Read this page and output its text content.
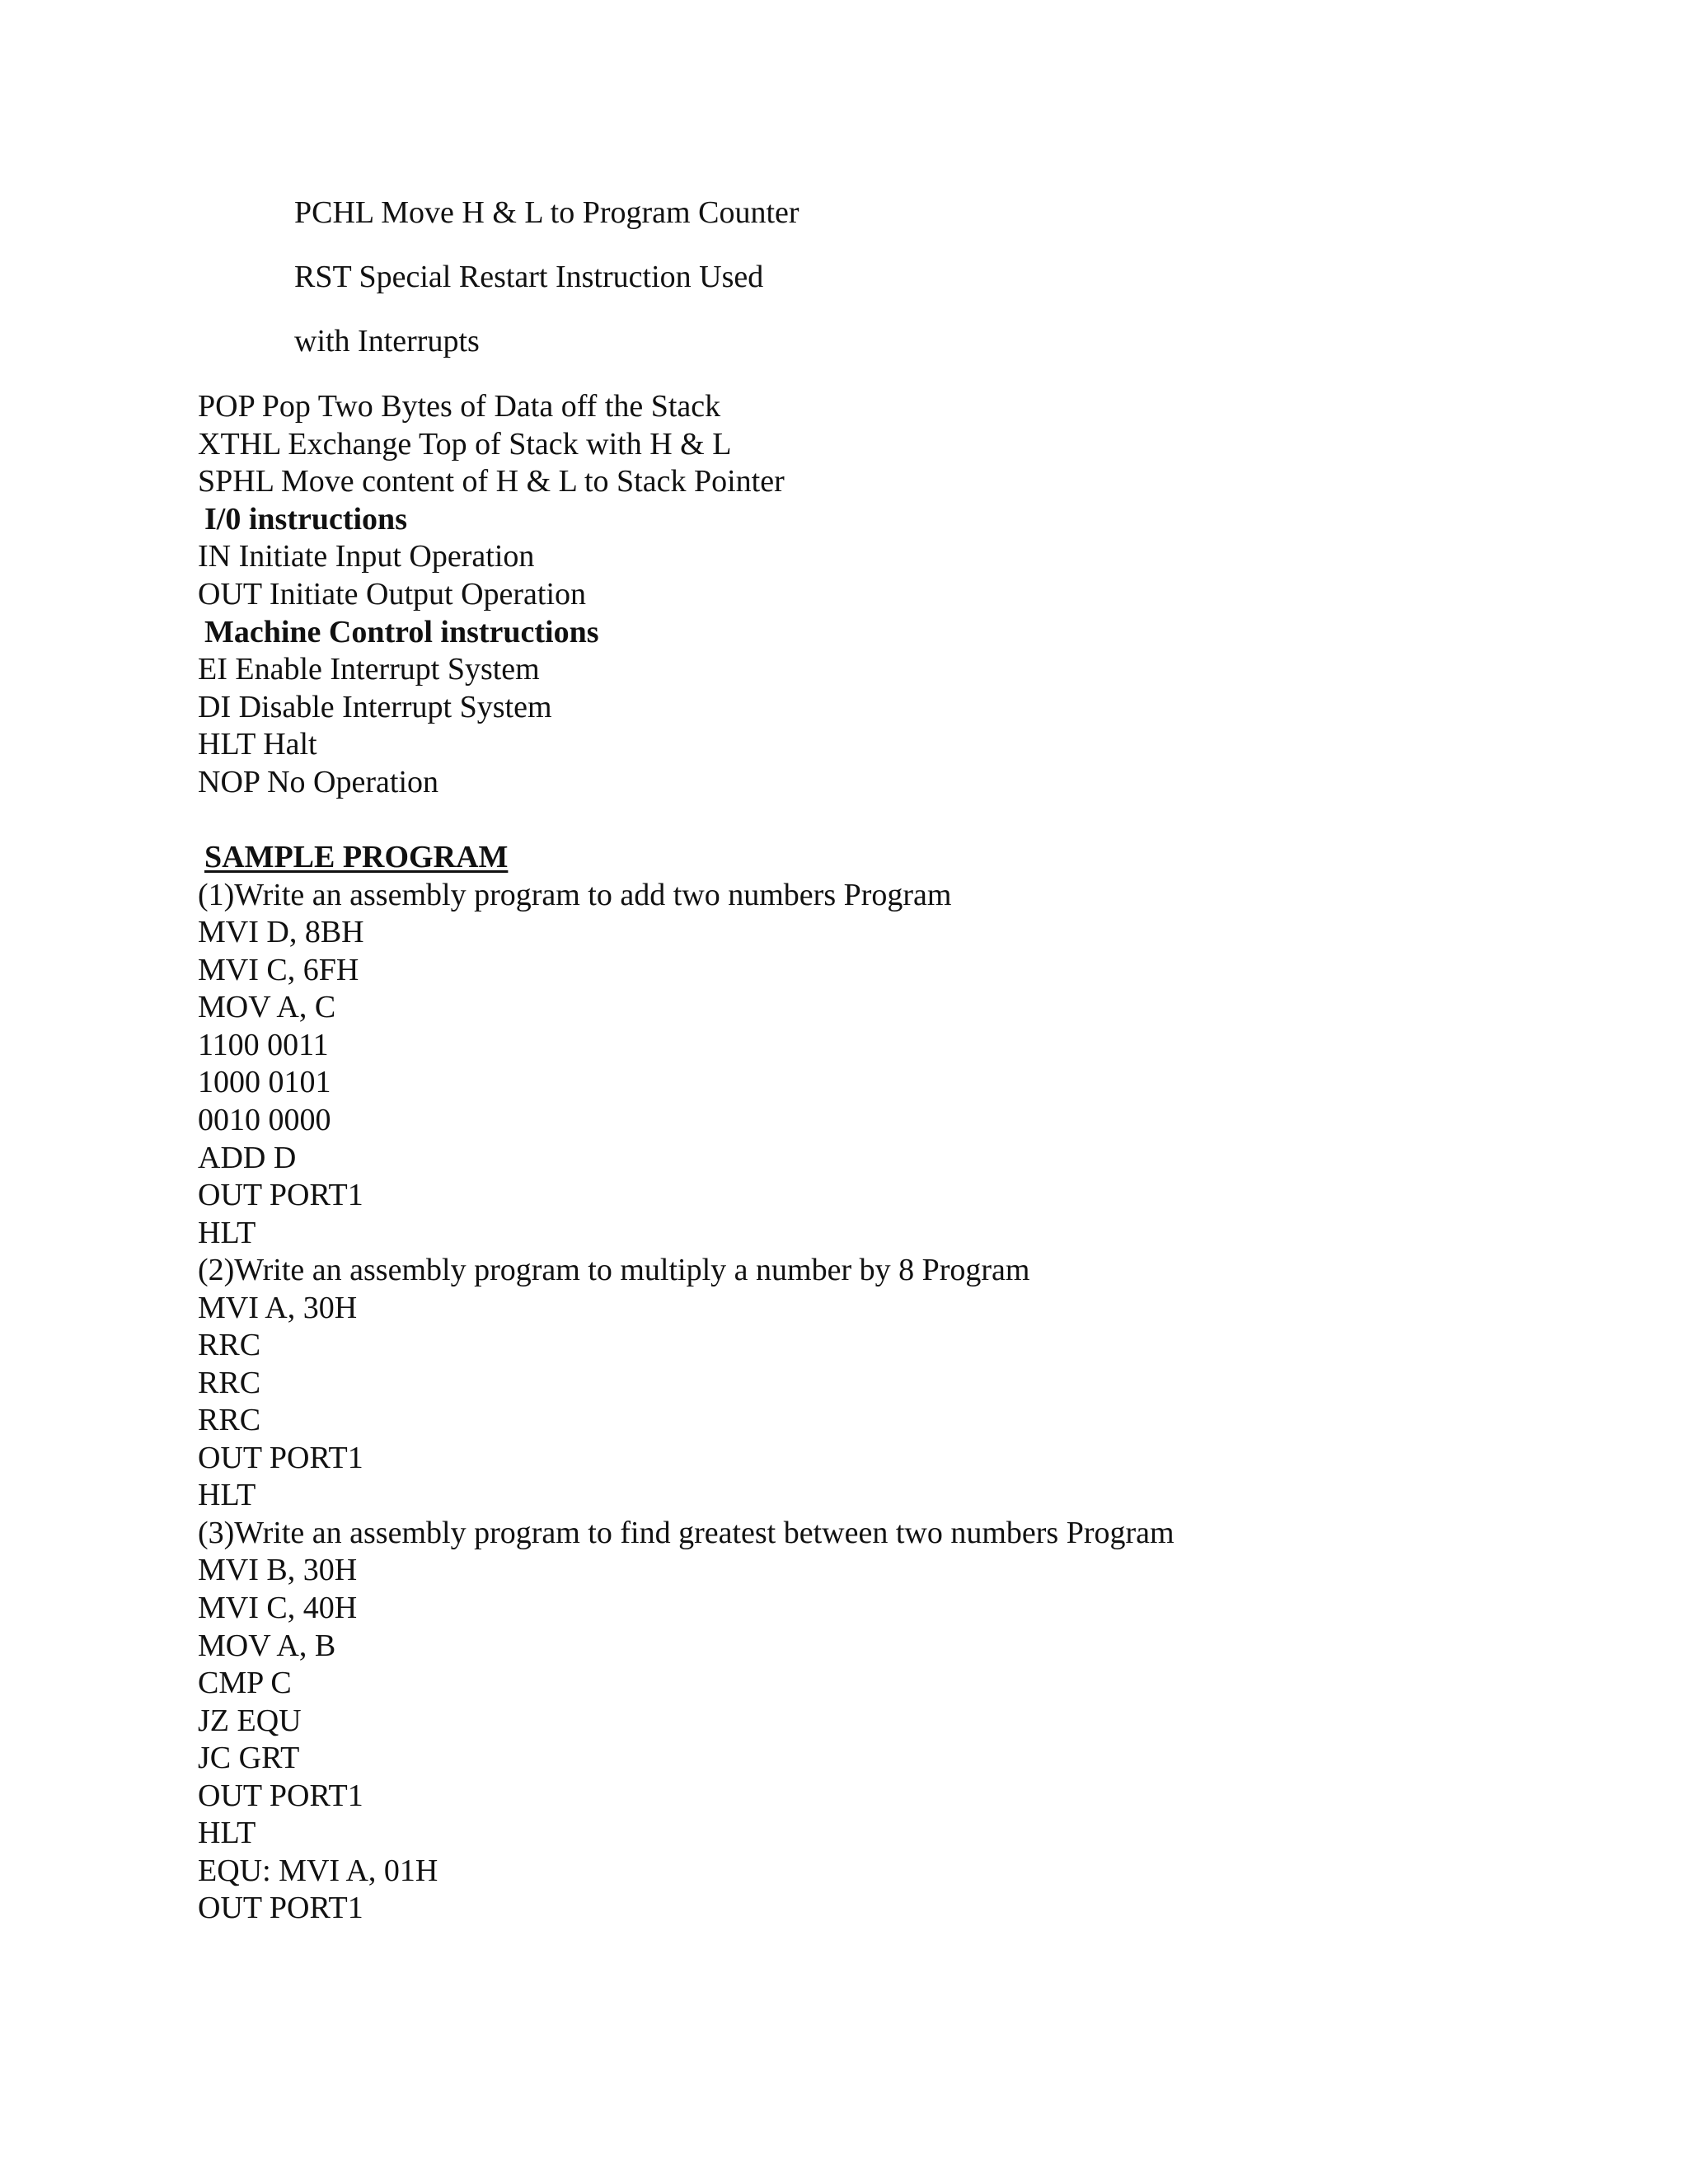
PCHL Move H & L to Program Counter
RST Special Restart Instruction Used
with Interrupts
POP Pop Two Bytes of Data off the Stack
XTHL Exchange Top of Stack with H & L
SPHL Move content of H & L to Stack Pointer
I/0 instructions
IN Initiate Input Operation
OUT Initiate Output Operation
Machine Control instructions
EI Enable Interrupt System
DI Disable Interrupt System
HLT Halt
NOP No Operation
SAMPLE PROGRAM
(1)Write an assembly program to add two numbers Program
MVI D, 8BH
MVI C, 6FH
MOV A, C
1100 0011
1000 0101
0010 0000
ADD D
OUT PORT1
HLT
(2)Write an assembly program to multiply a number by 8 Program
MVI A, 30H
RRC
RRC
RRC
OUT PORT1
HLT
(3)Write an assembly program to find greatest between two numbers Program
MVI B, 30H
MVI C, 40H
MOV A, B
CMP C
JZ EQU
JC GRT
OUT PORT1
HLT
EQU: MVI A, 01H
OUT PORT1
